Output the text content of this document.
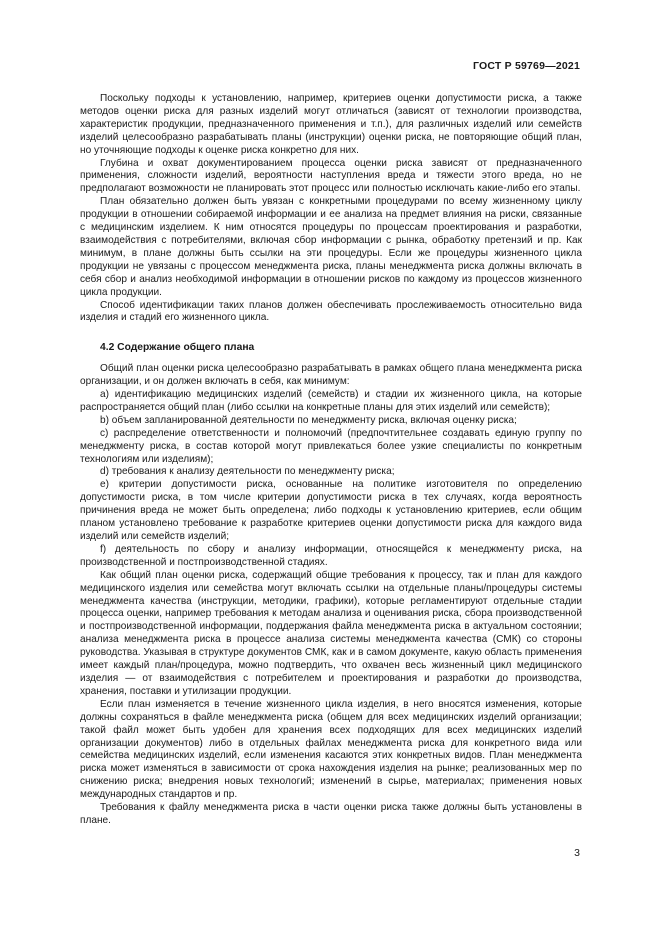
ГОСТ Р 59769—2021

Поскольку подходы к установлению, например, критериев оценки допустимости риска, а также методов оценки риска для разных изделий могут отличаться (зависят от технологии производства, характеристик продукции, предназначенного применения и т.п.), для различных изделий или семейств изделий целесообразно разрабатывать планы (инструкции) оценки риска, не повторяющие общий план, но уточняющие подходы к оценке риска конкретно для них.

Глубина и охват документированием процесса оценки риска зависят от предназначенного применения, сложности изделий, вероятности наступления вреда и тяжести этого вреда, но не предполагают возможности не планировать этот процесс или полностью исключать какие-либо его этапы.

План обязательно должен быть увязан с конкретными процедурами по всему жизненному циклу продукции в отношении собираемой информации и ее анализа на предмет влияния на риски, связанные с медицинским изделием. К ним относятся процедуры по процессам проектирования и разработки, взаимодействия с потребителями, включая сбор информации с рынка, обработку претензий и пр. Как минимум, в плане должны быть ссылки на эти процедуры. Если же процедуры жизненного цикла продукции не увязаны с процессом менеджмента риска, планы менеджмента риска должны включать в себя сбор и анализ необходимой информации в отношении рисков по каждому из процессов жизненного цикла продукции.

Способ идентификации таких планов должен обеспечивать прослеживаемость относительно вида изделия и стадий его жизненного цикла.

4.2 Содержание общего плана

Общий план оценки риска целесообразно разрабатывать в рамках общего плана менеджмента риска организации, и он должен включать в себя, как минимум:

a) идентификацию медицинских изделий (семейств) и стадии их жизненного цикла, на которые распространяется общий план (либо ссылки на конкретные планы для этих изделий или семейств);

b) объем запланированной деятельности по менеджменту риска, включая оценку риска;

c) распределение ответственности и полномочий (предпочтительнее создавать единую группу по менеджменту риска, в состав которой могут привлекаться более узкие специалисты по конкретным технологиям или изделиям);

d) требования к анализу деятельности по менеджменту риска;

e) критерии допустимости риска, основанные на политике изготовителя по определению допустимости риска, в том числе критерии допустимости риска в тех случаях, когда вероятность причинения вреда не может быть определена; либо подходы к установлению критериев, если общим планом установлено требование к разработке критериев оценки допустимости риска для каждого вида изделий или семейств изделий;

f) деятельность по сбору и анализу информации, относящейся к менеджменту риска, на производственной и постпроизводственной стадиях.

Как общий план оценки риска, содержащий общие требования к процессу, так и план для каждого медицинского изделия или семейства могут включать ссылки на отдельные планы/процедуры системы менеджмента качества (инструкции, методики, графики), которые регламентируют отдельные стадии процесса оценки, например требования к методам анализа и оценивания риска, сбора производственной и постпроизводственной информации, поддержания файла менеджмента риска в актуальном состоянии; анализа менеджмента риска в процессе анализа системы менеджмента качества (СМК) со стороны руководства. Указывая в структуре документов СМК, как и в самом документе, какую область применения имеет каждый план/процедура, можно подтвердить, что охвачен весь жизненный цикл медицинского изделия — от взаимодействия с потребителем и проектирования и разработки до производства, хранения, поставки и утилизации продукции.

Если план изменяется в течение жизненного цикла изделия, в него вносятся изменения, которые должны сохраняться в файле менеджмента риска (общем для всех медицинских изделий организации; такой файл может быть удобен для хранения всех подходящих для всех медицинских изделий организации документов) либо в отдельных файлах менеджмента риска для конкретного вида или семейства медицинских изделий, если изменения касаются этих конкретных видов. План менеджмента риска может изменяться в зависимости от срока нахождения изделия на рынке; реализованных мер по снижению риска; внедрения новых технологий; изменений в сырье, материалах; применения новых международных стандартов и пр.

Требования к файлу менеджмента риска в части оценки риска также должны быть установлены в плане.

3
